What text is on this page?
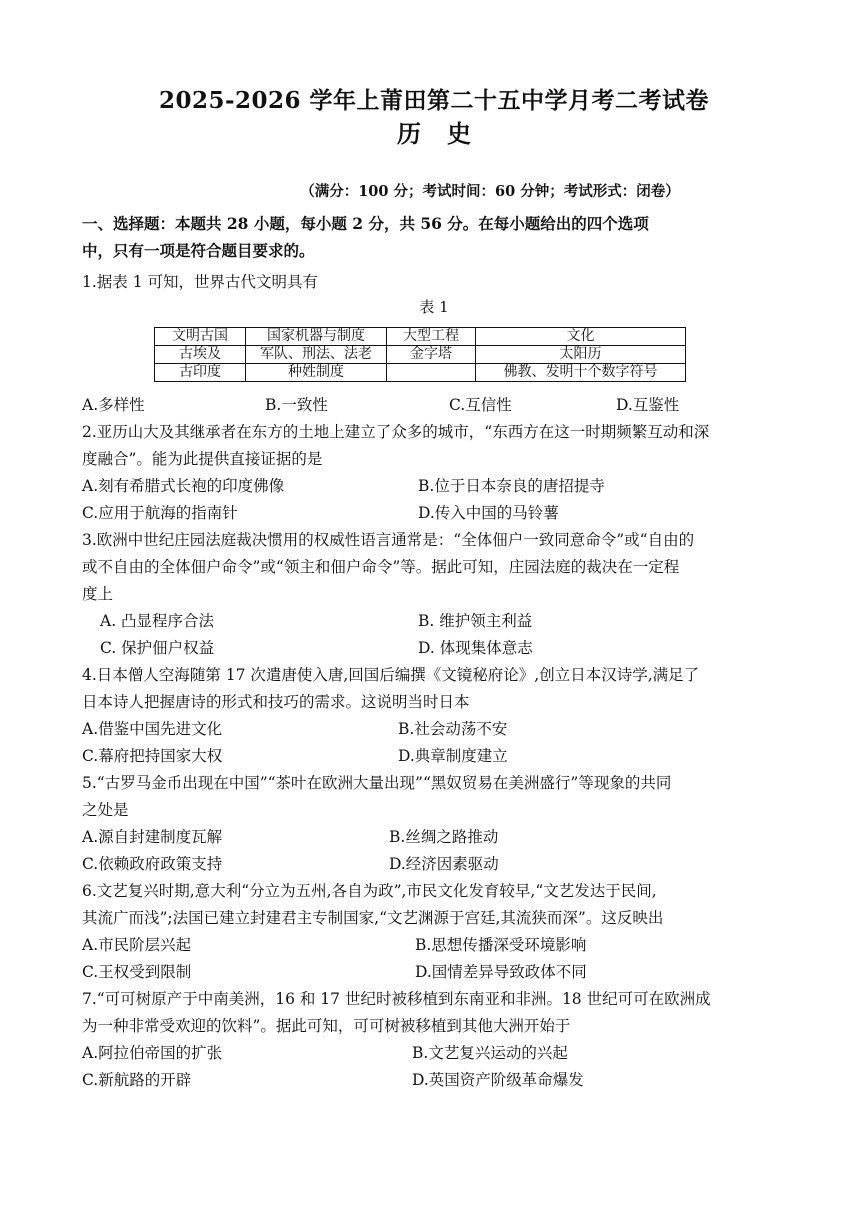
2025-2026 学年上莆田第二十五中学月考二考试卷
历史
（满分：100 分；考试时间：60 分钟；考试形式：闭卷）
一、选择题：本题共 28 小题，每小题 2 分，共 56 分。在每小题给出的四个选项
中，只有一项是符合题目要求的。
1.据表 1 可知，世界古代文明具有
表 1
文明古国	国家机器与制度	大型工程	文化
古埃及	军队、刑法、法老	金字塔	太阳历
古印度	种姓制度		佛教、发明十个数字符号
A.多样性	B.一致性	C.互信性	D.互鉴性
2.亚历山大及其继承者在东方的土地上建立了众多的城市，“东西方在这一时期频繁互动和深
度融合”。能为此提供直接证据的是
A.刻有希腊式长袍的印度佛像	B.位于日本奈良的唐招提寺
C.应用于航海的指南针	D.传入中国的马铃薯
3.欧洲中世纪庄园法庭裁决惯用的权威性语言通常是：“全体佃户一致同意命令”或“自由的
或不自由的全体佃户命令”或“领主和佃户命令”等。据此可知，庄园法庭的裁决在一定程
度上
A. 凸显程序合法	B. 维护领主利益
C. 保护佃户权益	D. 体现集体意志
4.日本僧人空海随第 17 次遣唐使入唐,回国后编撰《文镜秘府论》,创立日本汉诗学,满足了
日本诗人把握唐诗的形式和技巧的需求。这说明当时日本
A.借鉴中国先进文化	B.社会动荡不安
C.幕府把持国家大权	D.典章制度建立
5.“古罗马金币出现在中国”“茶叶在欧洲大量出现”“黑奴贸易在美洲盛行”等现象的共同
之处是
A.源自封建制度瓦解	B.丝绸之路推动
C.依赖政府政策支持	D.经济因素驱动
6.文艺复兴时期,意大利“分立为五州,各自为政”,市民文化发育较早,“文艺发达于民间,
其流广而浅”;法国已建立封建君主专制国家,“文艺渊源于宫廷,其流狭而深”。这反映出
A.市民阶层兴起	B.思想传播深受环境影响
C.王权受到限制	D.国情差异导致政体不同
7.“可可树原产于中南美洲，16 和 17 世纪时被移植到东南亚和非洲。18 世纪可可在欧洲成
为一种非常受欢迎的饮料”。据此可知，可可树被移植到其他大洲开始于
A.阿拉伯帝国的扩张	B.文艺复兴运动的兴起
C.新航路的开辟	D.英国资产阶级革命爆发
